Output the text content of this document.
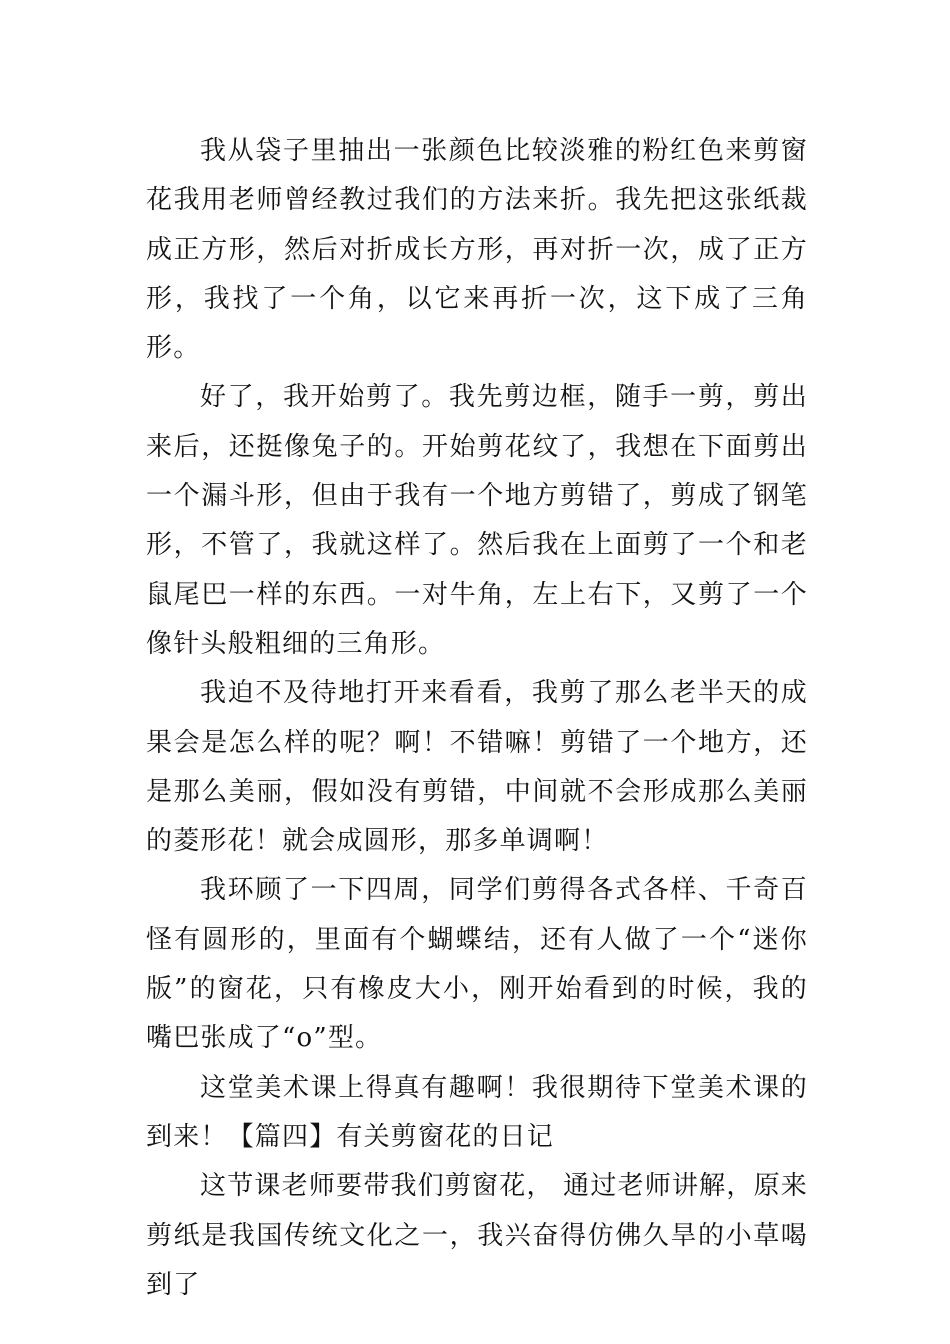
我从袋子里抽出一张颜色比较淡雅的粉红色来剪窗花我用老师曾经教过我们的方法来折。我先把这张纸裁成正方形，然后对折成长方形，再对折一次，成了正方形，我找了一个角，以它来再折一次，这下成了三角形。

好了，我开始剪了。我先剪边框，随手一剪，剪出来后，还挺像兔子的。开始剪花纹了，我想在下面剪出一个漏斗形，但由于我有一个地方剪错了，剪成了钢笔形，不管了，我就这样了。然后我在上面剪了一个和老鼠尾巴一样的东西。一对牛角，左上右下，又剪了一个像针头般粗细的三角形。

我迫不及待地打开来看看，我剪了那么老半天的成果会是怎么样的呢？啊！不错嘛！剪错了一个地方，还是那么美丽，假如没有剪错，中间就不会形成那么美丽的菱形花！就会成圆形，那多单调啊！

我环顾了一下四周，同学们剪得各式各样、千奇百怪有圆形的，里面有个蝴蝶结，还有人做了一个“迷你版”的窗花，只有橡皮大小，刚开始看到的时候，我的嘴巴张成了“o”型。

这堂美术课上得真有趣啊！我很期待下堂美术课的到来！【篇四】有关剪窗花的日记

这节课老师要带我们剪窗花， 通过老师讲解，原来剪纸是我国传统文化之一，我兴奋得仿佛久旱的小草喝到了
